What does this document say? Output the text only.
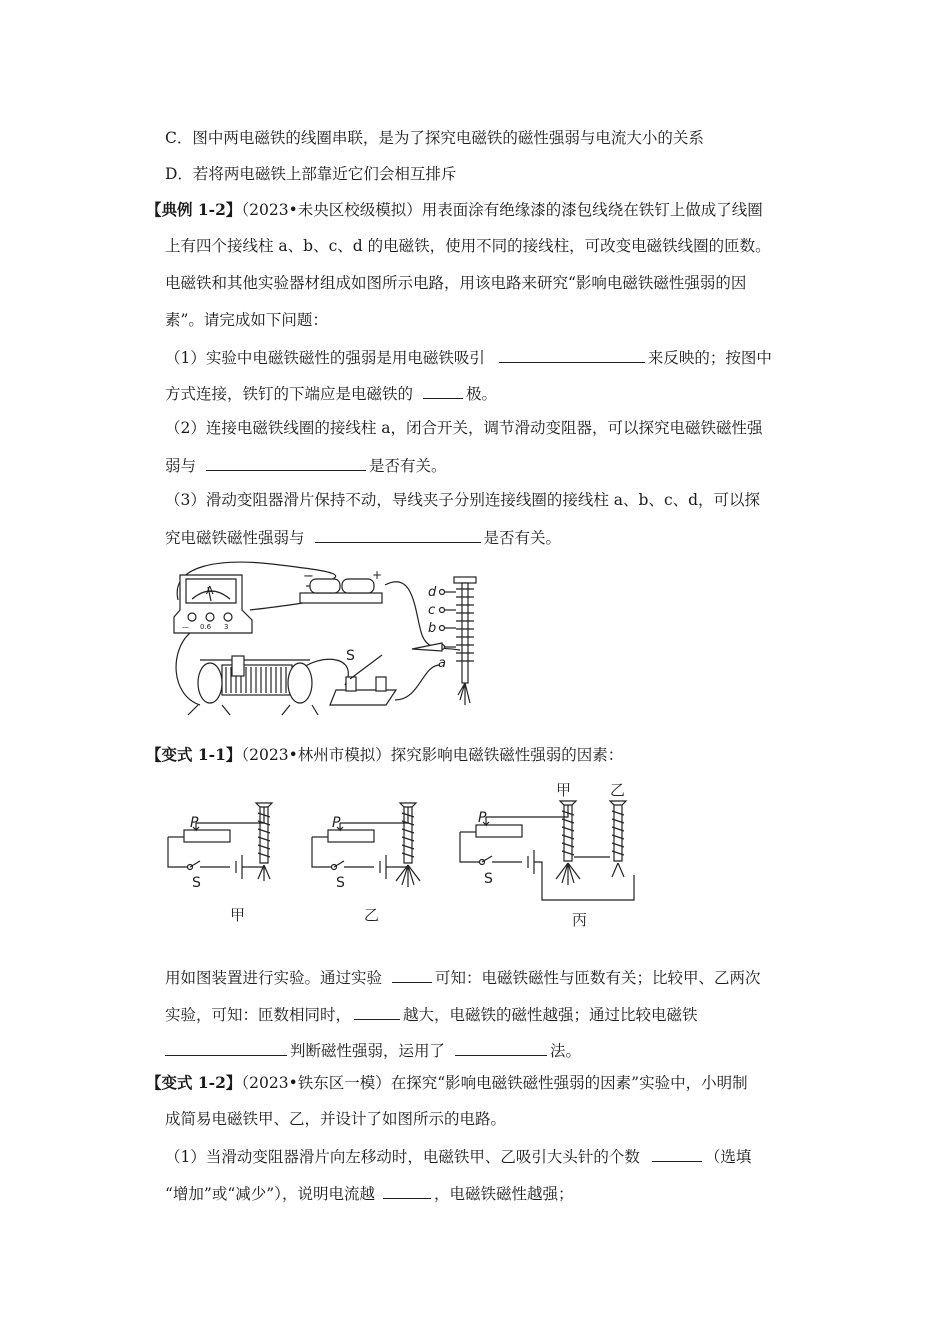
C．图中两电磁铁的线圈串联，是为了探究电磁铁的磁性强弱与电流大小的关系
D．若将两电磁铁上部靠近它们会相互排斥
【典例 1-2】（2023•未央区校级模拟）用表面涂有绝缘漆的漆包线绕在铁钉上做成了线圈
上有四个接线柱 a、b、c、d 的电磁铁，使用不同的接线柱，可改变电磁铁线圈的匝数。
电磁铁和其他实验器材组成如图所示电路，用该电路来研究“影响电磁铁磁性强弱的因
素”。请完成如下问题：
（1）实验中电磁铁磁性的强弱是用电磁铁吸引	来反映的；按图中
方式连接，铁钉的下端应是电磁铁的	极。
（2）连接电磁铁线圈的接线柱 a，闭合开关，调节滑动变阻器，可以探究电磁铁磁性强
弱与	是否有关。
（3）滑动变阻器滑片保持不动，导线夹子分别连接线圈的接线柱 a、b、c、d，可以探
究电磁铁磁性强弱与	是否有关。
A
— 0.6 3
−	+
S
d
c
b
a
【变式 1-1】（2023•林州市模拟）探究影响电磁铁磁性强弱的因素：
P
S
甲
P
S
乙
P
S
甲	乙
丙
用如图装置进行实验。通过实验	可知：电磁铁磁性与匝数有关；比较甲、乙两次
实验，可知：匝数相同时，	越大，电磁铁的磁性越强；通过比较电磁铁
判断磁性强弱，运用了	法。
【变式 1-2】（2023•铁东区一模）在探究“影响电磁铁磁性强弱的因素”实验中，小明制
成简易电磁铁甲、乙，并设计了如图所示的电路。
（1）当滑动变阻器滑片向左移动时，电磁铁甲、乙吸引大头针的个数	（选填
“增加”或“减少”），说明电流越	，电磁铁磁性越强；
